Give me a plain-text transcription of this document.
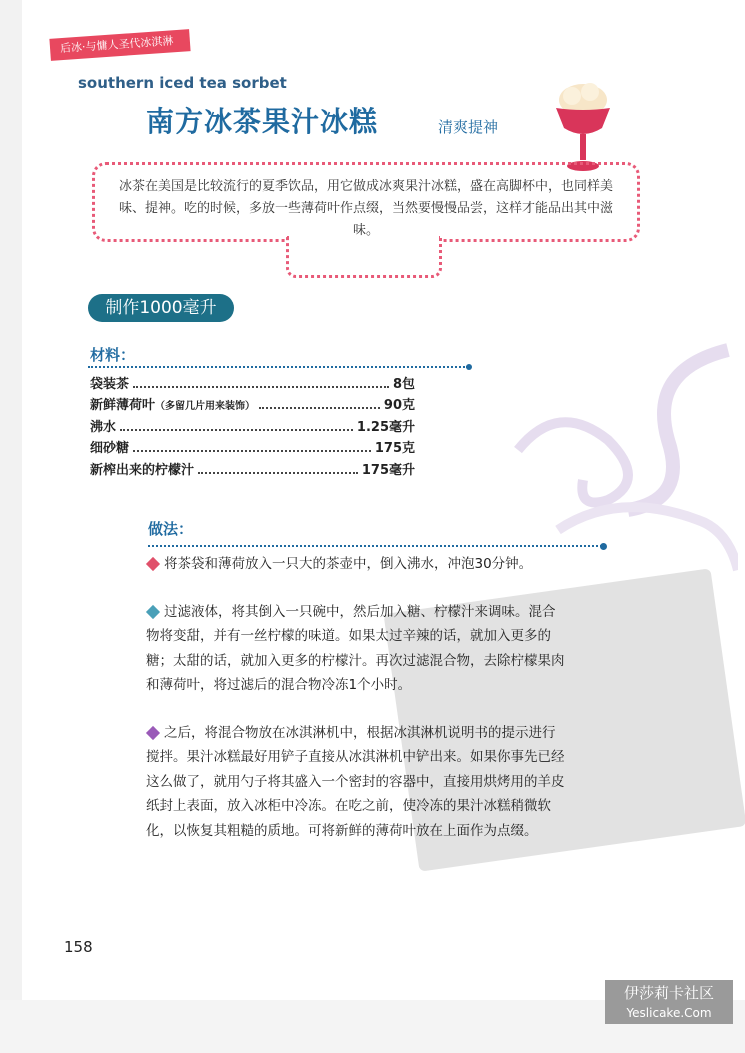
后冰·与慵人圣代冰淇淋
southern iced tea sorbet
南方冰茶果汁冰糕	清爽提神
冰茶在美国是比较流行的夏季饮品，用它做成冰爽果汁冰糕，盛在高脚杯中，也同样美味、提神。吃的时候，多放一些薄荷叶作点缀，当然要慢慢品尝，这样才能品出其中滋味。
制作1000毫升
材料：
袋装茶	8包
新鲜薄荷叶 （多留几片用来装饰）	90克
沸水	1.25毫升
细砂糖	175克
新榨出来的柠檬汁	175毫升
做法：
将茶袋和薄荷放入一只大的茶壶中，倒入沸水，冲泡30分钟。
过滤液体，将其倒入一只碗中，然后加入糖、柠檬汁来调味。混合物将变甜，并有一丝柠檬的味道。如果太过辛辣的话，就加入更多的糖；太甜的话，就加入更多的柠檬汁。再次过滤混合物，去除柠檬果肉和薄荷叶，将过滤后的混合物冷冻1个小时。
之后，将混合物放在冰淇淋机中，根据冰淇淋机说明书的提示进行搅拌。果汁冰糕最好用铲子直接从冰淇淋机中铲出来。如果你事先已经这么做了，就用勺子将其盛入一个密封的容器中，直接用烘烤用的羊皮纸封上表面，放入冰柜中冷冻。在吃之前，使冷冻的果汁冰糕稍微软化，以恢复其粗糙的质地。可将新鲜的薄荷叶放在上面作为点缀。
158
伊莎莉卡社区
Yeslicake.Com
